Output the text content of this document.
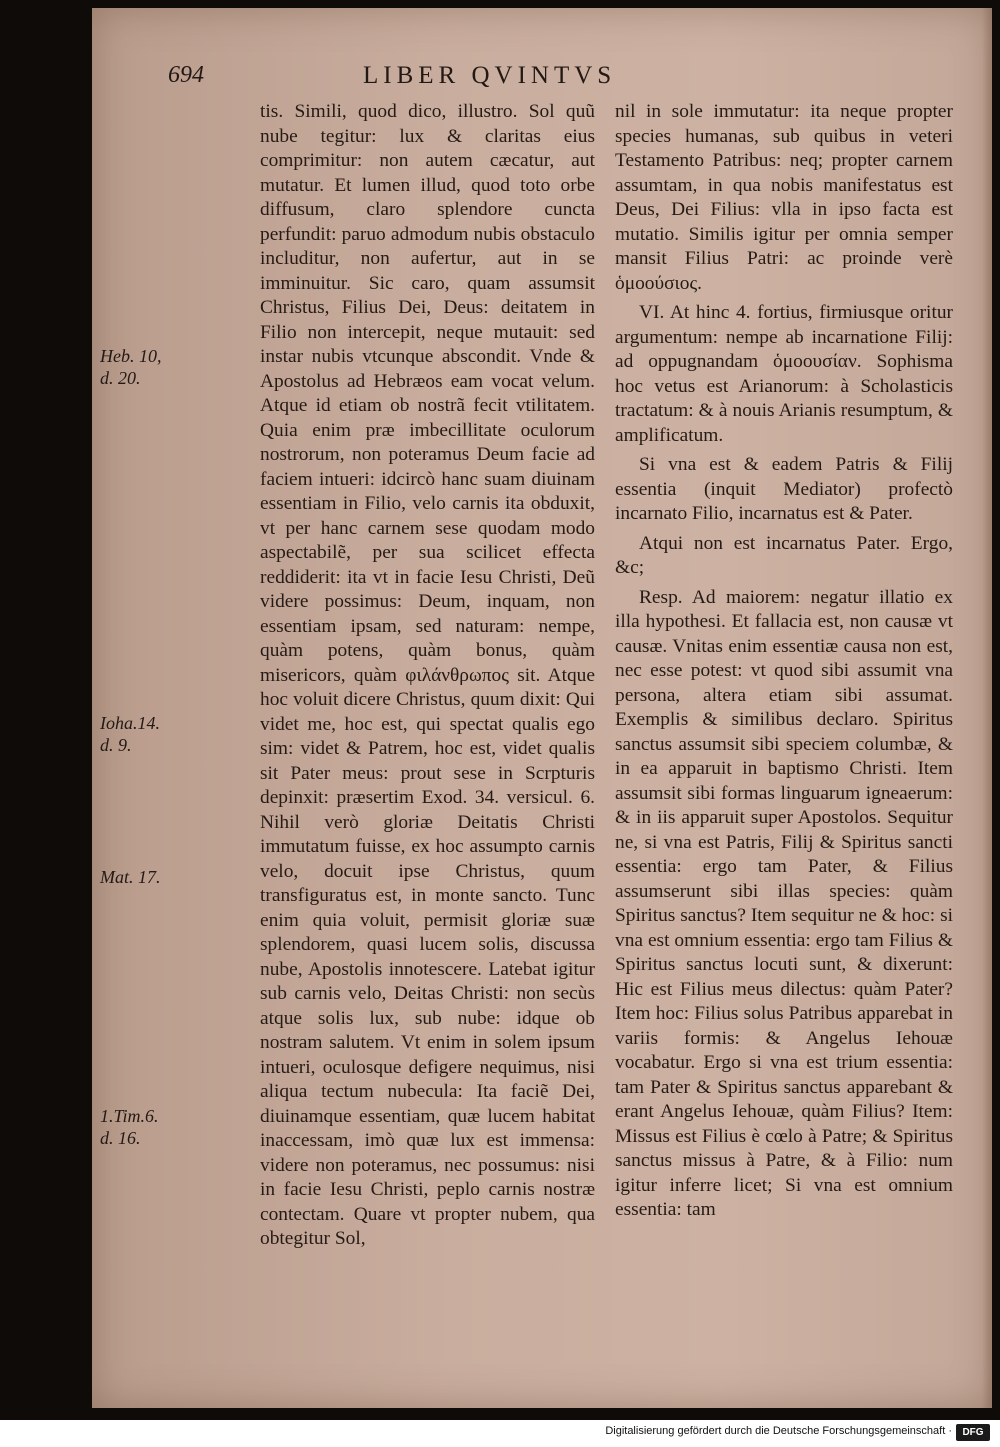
694	LIBER QVINTVS
Heb. 10,
d. 20.
Ioha.14.
d. 9.
Mat. 17.
1.Tim.6.
d. 16.

tis. Simili, quod dico, illustro. Sol quũ nube tegitur: lux & claritas eius comprimitur: non autem cæcatur, aut mutatur. Et lumen illud, quod toto orbe diffusum, claro splendore cuncta perfundit: paruo admodum nubis obstaculo includitur, non aufertur, aut in se imminuitur. Sic caro, quam assumsit Christus, Filius Dei, Deus: deitatem in Filio non intercepit, neque mutauit: sed instar nubis vtcunque abscondit. Vnde & Apostolus ad Hebræos eam vocat velum. Atque id etiam ob nostrã fecit vtilitatem. Quia enim præ imbecillitate oculorum nostrorum, non poteramus Deum facie ad faciem intueri: idcircò hanc suam diuinam essentiam in Filio, velo carnis ita obduxit, vt per hanc carnem sese quodam modo aspectabilẽ, per sua scilicet effecta reddiderit: ita vt in facie Iesu Christi, Deũ videre possimus: Deum, inquam, non essentiam ipsam, sed naturam: nempe, quàm potens, quàm bonus, quàm misericors, quàm φιλάνθρωπος sit. Atque hoc voluit dicere Christus, quum dixit: Qui videt me, hoc est, qui spectat qualis ego sim: videt & Patrem, hoc est, videt qualis sit Pater meus: prout sese in Scrpturis depinxit: præsertim Exod. 34. versicul. 6. Nihil verò gloriæ Deitatis Christi immutatum fuisse, ex hoc assumpto carnis velo, docuit ipse Christus, quum transfiguratus est, in monte sancto. Tunc enim quia voluit, permisit gloriæ suæ splendorem, quasi lucem solis, discussa nube, Apostolis innotescere. Latebat igitur sub carnis velo, Deitas Christi: non secùs atque solis lux, sub nube: idque ob nostram salutem. Vt enim in solem ipsum intueri, oculosque defigere nequimus, nisi aliqua tectum nubecula: Ita faciẽ Dei, diuinamque essentiam, quæ lucem habitat inaccessam, imò quæ lux est immensa: videre non poteramus, nec possumus: nisi in facie Iesu Christi, peplo carnis nostræ contectam. Quare vt propter nubem, qua obtegitur Sol,

nil in sole immutatur: ita neque propter species humanas, sub quibus in veteri Testamento Patribus: neq; propter carnem assumtam, in qua nobis manifestatus est Deus, Dei Filius: vlla in ipso facta est mutatio. Similis igitur per omnia semper mansit Filius Patri: ac proinde verè ὁμοούσιος.

VI. At hinc 4. fortius, firmiusque oritur argumentum: nempe ab incarnatione Filij: ad oppugnandam ὁμοουσίαν. Sophisma hoc vetus est Arianorum: à Scholasticis tractatum: & à nouis Arianis resumptum, & amplificatum.

Si vna est & eadem Patris & Filij essentia (inquit Mediator) profectò incarnato Filio, incarnatus est & Pater.

Atqui non est incarnatus Pater. Ergo, &c;

Resp. Ad maiorem: negatur illatio ex illa hypothesi. Et fallacia est, non causæ vt causæ. Vnitas enim essentiæ causa non est, nec esse potest: vt quod sibi assumit vna persona, altera etiam sibi assumat. Exemplis & similibus declaro. Spiritus sanctus assumsit sibi speciem columbæ, & in ea apparuit in baptismo Christi. Item assumsit sibi formas linguarum igneaerum: & in iis apparuit super Apostolos. Sequitur ne, si vna est Patris, Filij & Spiritus sancti essentia: ergo tam Pater, & Filius assumserunt sibi illas species: quàm Spiritus sanctus? Item sequitur ne & hoc: si vna est omnium essentia: ergo tam Filius & Spiritus sanctus locuti sunt, & dixerunt: Hic est Filius meus dilectus: quàm Pater? Item hoc: Filius solus Patribus apparebat in variis formis: & Angelus Iehouæ vocabatur. Ergo si vna est trium essentia: tam Pater & Spiritus sanctus apparebant & erant Angelus Iehouæ, quàm Filius? Item: Missus est Filius è cœlo à Patre; & Spiritus sanctus missus à Patre, & à Filio: num igitur inferre licet; Si vna est omnium essentia: tam

Digitalisierung gefördert durch die Deutsche Forschungsgemeinschaft ·	DFG
